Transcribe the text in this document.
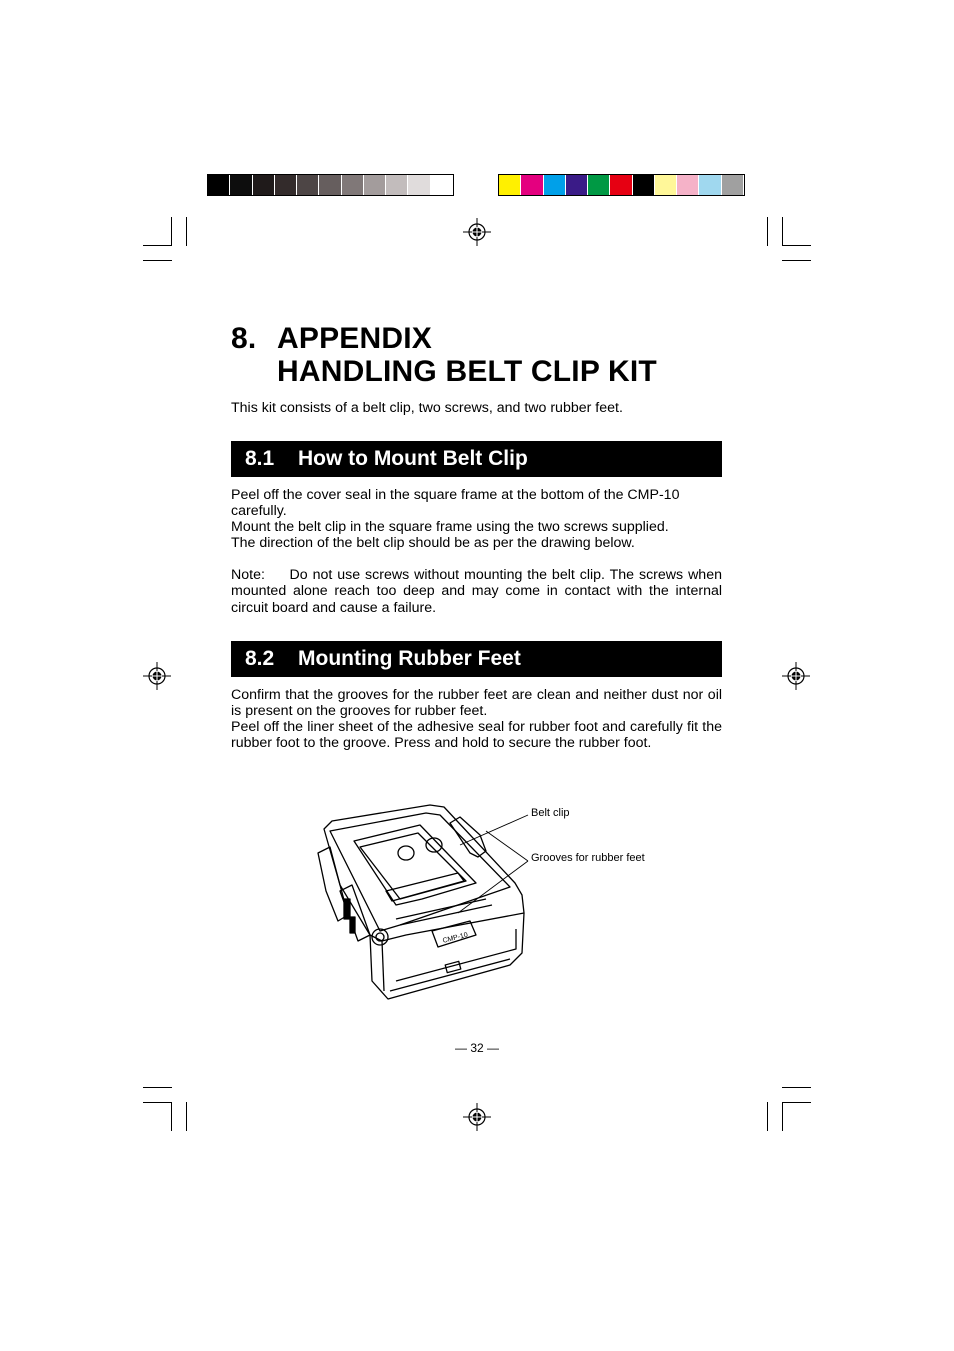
8. APPENDIX
HANDLING BELT CLIP KIT

This kit consists of a belt clip, two screws, and two rubber feet.

8.1 How to Mount Belt Clip

Peel off the cover seal in the square frame at the bottom of the CMP-10 carefully.

Mount the belt clip in the square frame using the two screws supplied.

The direction of the belt clip should be as per the drawing below.

Note: Do not use screws without mounting the belt clip. The screws when mounted alone reach too deep and may come in contact with the internal circuit board and cause a failure.

8.2 Mounting Rubber Feet

Confirm that the grooves for the rubber feet are clean and neither dust nor oil is present on the grooves for rubber feet.

Peel off the liner sheet of the adhesive seal for rubber foot and carefully fit the rubber foot to the groove. Press and hold to secure the rubber foot.

CMP-10
Belt clip
Grooves for rubber feet
— 32 —
